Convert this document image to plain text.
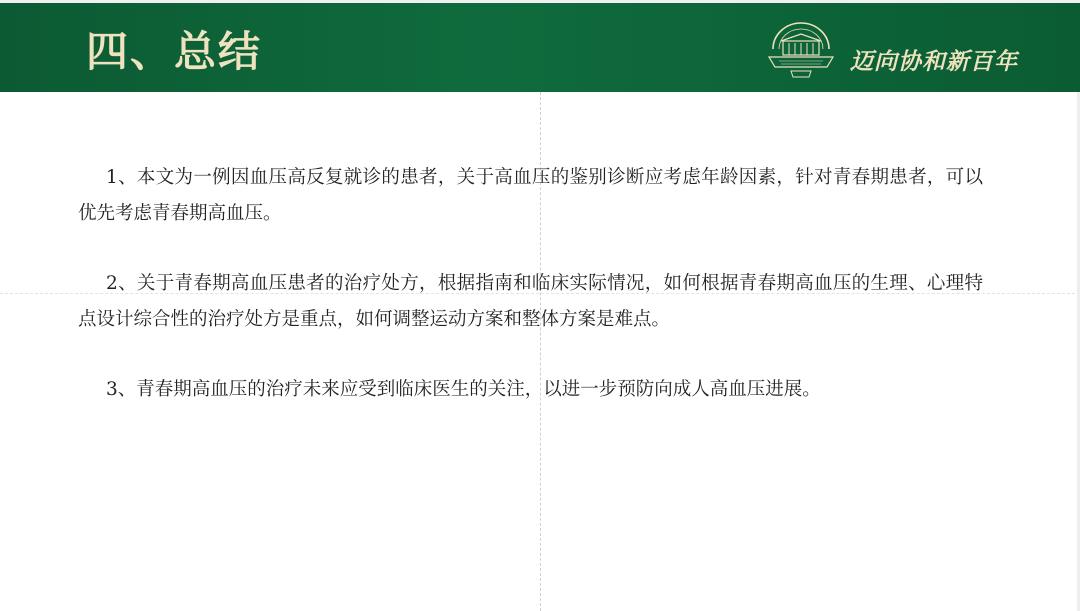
四、总结	迈向协和新百年

1、本文为一例因血压高反复就诊的患者，关于高血压的鉴别诊断应考虑年龄因素，针对青春期患者，可以优先考虑青春期高血压。

2、关于青春期高血压患者的治疗处方，根据指南和临床实际情况，如何根据青春期高血压的生理、心理特点设计综合性的治疗处方是重点，如何调整运动方案和整体方案是难点。

3、青春期高血压的治疗未来应受到临床医生的关注，以进一步预防向成人高血压进展。
